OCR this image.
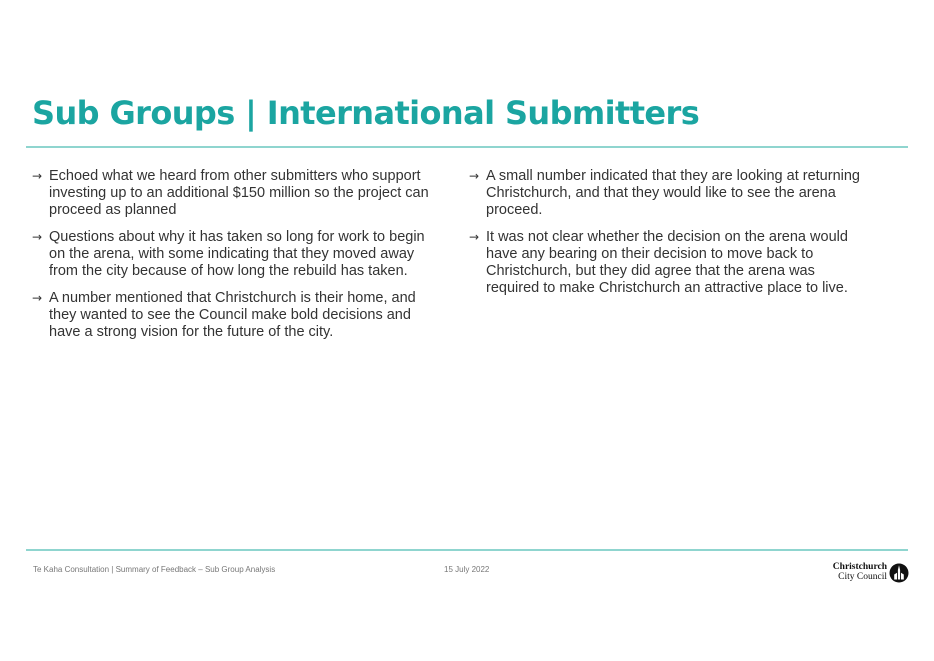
Sub Groups | International Submitters
→ Echoed what we heard from other submitters who support investing up to an additional $150 million so the project can proceed as planned
→ Questions about why it has taken so long for work to begin on the arena, with some indicating that they moved away from the city because of how long the rebuild has taken.
→ A number mentioned that Christchurch is their home, and they wanted to see the Council make bold decisions and have a strong vision for the future of the city.
→ A small number indicated that they are looking at returning Christchurch, and that they would like to see the arena proceed.
→ It was not clear whether the decision on the arena would have any bearing on their decision to move back to Christchurch, but they did agree that the arena was required to make Christchurch an attractive place to live.
Te Kaha Consultation | Summary of Feedback – Sub Group Analysis	15 July 2022	Christchurch
City Council
